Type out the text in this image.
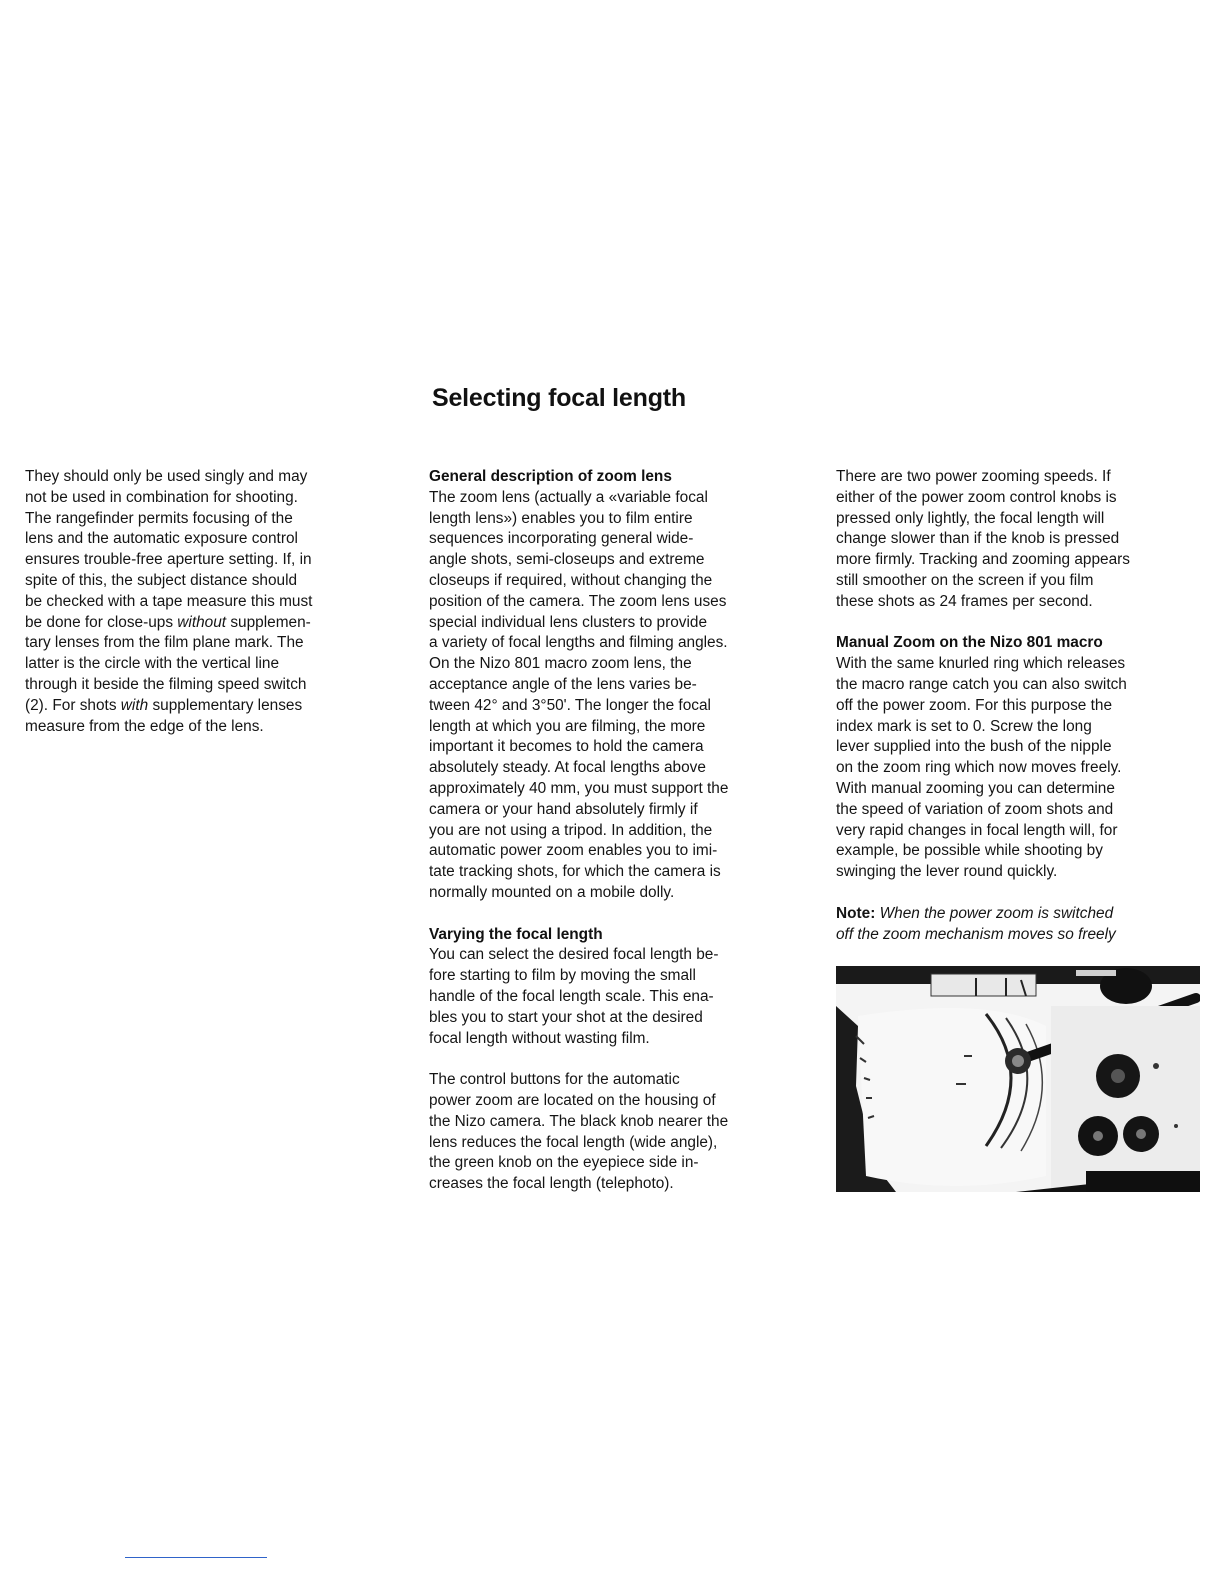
Selecting focal length

They should only be used singly and may
not be used in combination for shooting.
The rangefinder permits focusing of the
lens and the automatic exposure control
ensures trouble-free aperture setting. If, in
spite of this, the subject distance should
be checked with a tape measure this must
be done for close-ups without supplemen-
tary lenses from the film plane mark. The
latter is the circle with the vertical line
through it beside the filming speed switch
(2). For shots with supplementary lenses
measure from the edge of the lens.

General description of zoom lens

The zoom lens (actually a «variable focal
length lens») enables you to film entire
sequences incorporating general wide-
angle shots, semi-closeups and extreme
closeups if required, without changing the
position of the camera. The zoom lens uses
special individual lens clusters to provide
a variety of focal lengths and filming angles.
On the Nizo 801 macro zoom lens, the
acceptance angle of the lens varies be-
tween 42° and 3°50'. The longer the focal
length at which you are filming, the more
important it becomes to hold the camera
absolutely steady. At focal lengths above
approximately 40 mm, you must support the
camera or your hand absolutely firmly if
you are not using a tripod. In addition, the
automatic power zoom enables you to imi-
tate tracking shots, for which the camera is
normally mounted on a mobile dolly.

Varying the focal length

You can select the desired focal length be-
fore starting to film by moving the small
handle of the focal length scale. This ena-
bles you to start your shot at the desired
focal length without wasting film.

The control buttons for the automatic
power zoom are located on the housing of
the Nizo camera. The black knob nearer the
lens reduces the focal length (wide angle),
the green knob on the eyepiece side in-
creases the focal length (telephoto).

There are two power zooming speeds. If
either of the power zoom control knobs is
pressed only lightly, the focal length will
change slower than if the knob is pressed
more firmly. Tracking and zooming appears
still smoother on the screen if you film
these shots as 24 frames per second.

Manual Zoom on the Nizo 801 macro

With the same knurled ring which releases
the macro range catch you can also switch
off the power zoom. For this purpose the
index mark is set to 0. Screw the long
lever supplied into the bush of the nipple
on the zoom ring which now moves freely.
With manual zooming you can determine
the speed of variation of zoom shots and
very rapid changes in focal length will, for
example, be possible while shooting by
swinging the lever round quickly.

Note: When the power zoom is switched
off the zoom mechanism moves so freely
